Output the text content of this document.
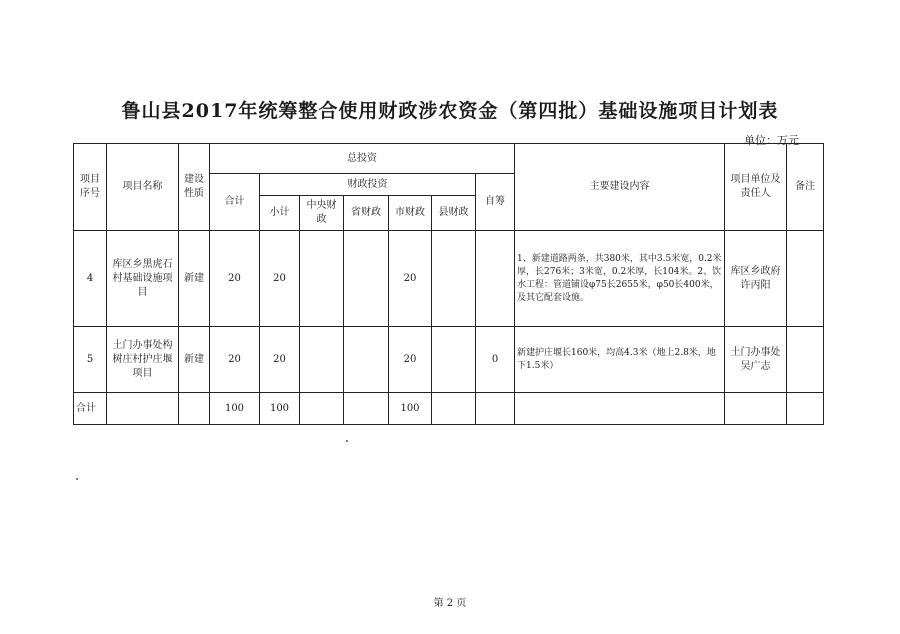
鲁山县2017年统筹整合使用财政涉农资金（第四批）基础设施项目计划表
单位：万元
项目序号	项目名称	建设性质	总投资							主要建设内容	项目单位及责任人	备注
			合计	财政投资					自筹			
				小计	中央财政	省财政	市财政	县财政				
4	库区乡黑虎石村基础设施项目	新建	20	20			20			1、新建道路两条，共380米，其中3.5米宽，0.2米厚，长276米；3米宽，0.2米厚，长104米。2、饮水工程：管道铺设φ75长2655米，φ50长400米，及其它配套设施。	库区乡政府许丙阳	
5	土门办事处构树庄村护庄堰项目	新建	20	20			20		0	新建护庄堰长160米，均高4.3米（地上2.8米，地下1.5米）	土门办事处吴广志	
合计			100	100			100					
第 2 页
